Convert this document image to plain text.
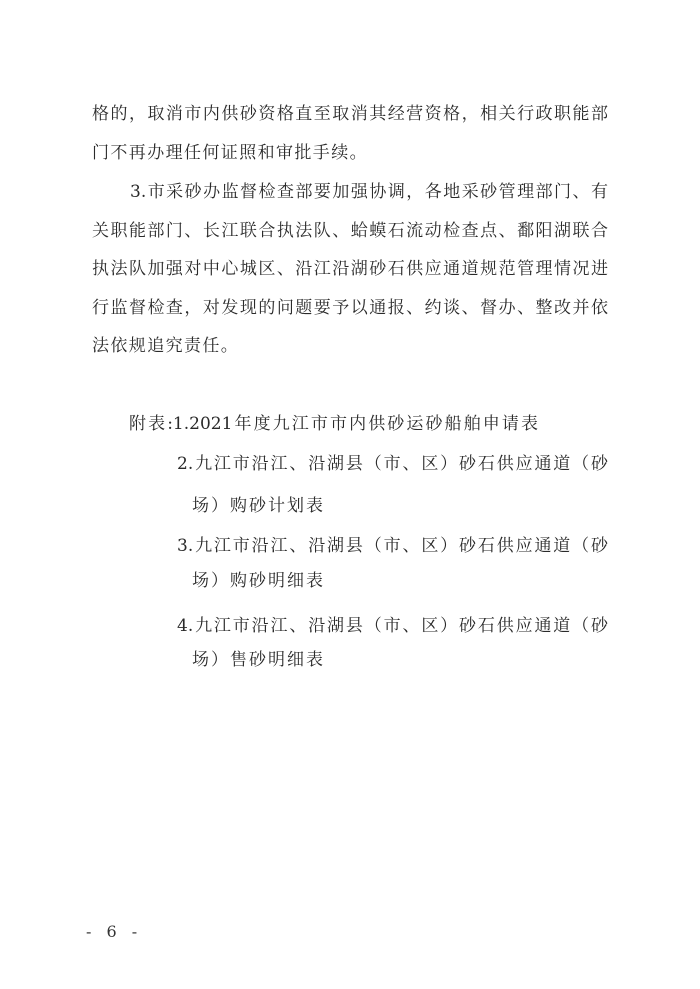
格的，取消市内供砂资格直至取消其经营资格，相关行政职能部
门不再办理任何证照和审批手续。
3.市采砂办监督检查部要加强协调，各地采砂管理部门、有
关职能部门、长江联合执法队、蛤蟆石流动检查点、鄱阳湖联合
执法队加强对中心城区、沿江沿湖砂石供应通道规范管理情况进
行监督检查，对发现的问题要予以通报、约谈、督办、整改并依
法依规追究责任。
附表:1.2021年度九江市市内供砂运砂船舶申请表
2.九江市沿江、沿湖县（市、区）砂石供应通道（砂
场）购砂计划表
3.九江市沿江、沿湖县（市、区）砂石供应通道（砂
场）购砂明细表
4.九江市沿江、沿湖县（市、区）砂石供应通道（砂
场）售砂明细表
- 6 -
